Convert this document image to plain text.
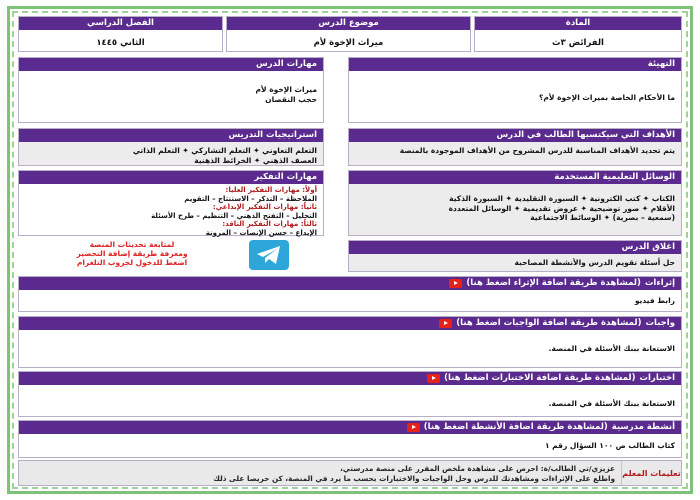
المادة
الفرائض ٣ث
موضوع الدرس
ميراث الإخوة لأم
الفصل الدراسي
الثاني ١٤٤٥
التهيئة
ما الأحكام الخاصة بميراث الإخوة لأم؟
مهارات الدرس
ميراث الإخوة لأم
حجب النقصان
الأهداف التي سيكتسبها الطالب في الدرس
يتم تحديد الأهداف المناسبة للدرس المشروح من الأهداف الموجودة بالمنصة
استراتيجيات التدريس
التعلم التعاوني ✦ التعلم التشاركي ✦ التعلم الذاتي
العصف الذهني ✦ الخرائط الذهنية
الوسائل التعليمية المستخدمة
الكتاب ✦ كتب الكترونية ✦ السبورة التقليدية ✦ السبورة الذكية
الأقلام ✦ صور توضيحية ✦ عروض تقديمية ✦ الوسائل المتعددة
(سمعية – بصرية) ✦ الوسائط الاجتماعية
مهارات التفكير
أولاً: مهارات التفكير العليا:
الملاحظة – التذكر – الاستنتاج – التقويم
ثانياً: مهارات التفكير الإبداعي:
التحليل – التفتح الذهني – التنظيم – طرح الأسئلة
ثالثاً: مهارات التفكير الناقد:
الإبداع – حسن الإنصات – المرونة
لمتابعة تحديثات المنصة
ومعرفة طريقة إضافة التحضير
اضغط للدخول لجروب التلغرام
اغلاق الدرس
حل أسئلة تقويم الدرس والأنشطة المصاحبة
إثراءات
(لمشاهدة طريقة اضافة الإثراء اضغط هنا)
رابط فيديو
واجبات
(لمشاهدة طريقة اضافة الواجبات اضغط هنا)
الاستعانة ببنك الأسئلة في المنصة.
اختبارات
(لمشاهدة طريقة اضافة الاختبارات اضغط هنا)
الاستعانة ببنك الأسئلة في المنصة.
أنشطة مدرسية
(لمشاهدة طريقة اضافة الأنشطة اضغط هنا)
كتاب الطالب ص ١٠٠ السؤال رقم ١
تعليمات المعلم
عزيزي/تي الطالب/ة: احرص على مشاهدة ملخص المقرر على منصة مدرستي،
واطلع على الإثراءات ومشاهدتك للدرس وحل الواجبات والاختبارات بحسب ما يرد في المنصة، كن حريصا على ذلك
